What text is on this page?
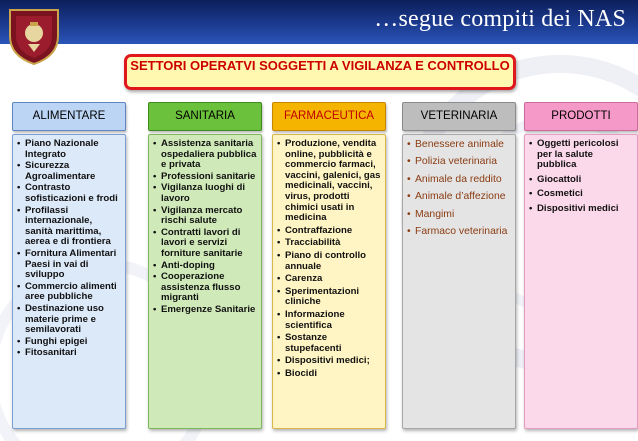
…segue compiti dei NAS
SETTORI OPERATVI SOGGETTI A VIGILANZA E CONTROLLO
ALIMENTARE
• Piano Nazionale Integrato
• Sicurezza Agroalimentare
• Contrasto sofisticazioni e frodi
• Profilassi internazionale, sanità marittima, aerea e di frontiera
• Fornitura Alimentari Paesi in vai di sviluppo
• Commercio alimenti aree pubbliche
• Destinazione uso materie prime e semilavorati
• Funghi epigei
• Fitosanitari
SANITARIA
• Assistenza sanitaria ospedaliera pubblica e privata
• Professioni sanitarie
• Vigilanza luoghi di lavoro
• Vigilanza mercato rischi salute
• Contratti lavori di lavori e servizi forniture sanitarie
• Anti-doping
• Cooperazione assistenza flusso migranti
• Emergenze Sanitarie
FARMACEUTICA
• Produzione, vendita online, pubblicità e commercio farmaci, vaccini, galenici, gas medicinali, vaccini, virus, prodotti chimici usati in medicina
• Contraffazione
• Tracciabilità
• Piano di controllo annuale
• Carenza
• Sperimentazioni cliniche
• Informazione scientifica
• Sostanze stupefacenti
• Dispositivi medici;
• Biocidi
VETERINARIA
• Benessere animale
• Polizia veterinaria
• Animale da reddito
• Animale d’affezione
• Mangimi
• Farmaco veterinaria
PRODOTTI
• Oggetti pericolosi per la salute pubblica
• Giocattoli
• Cosmetici
• Dispositivi medici
